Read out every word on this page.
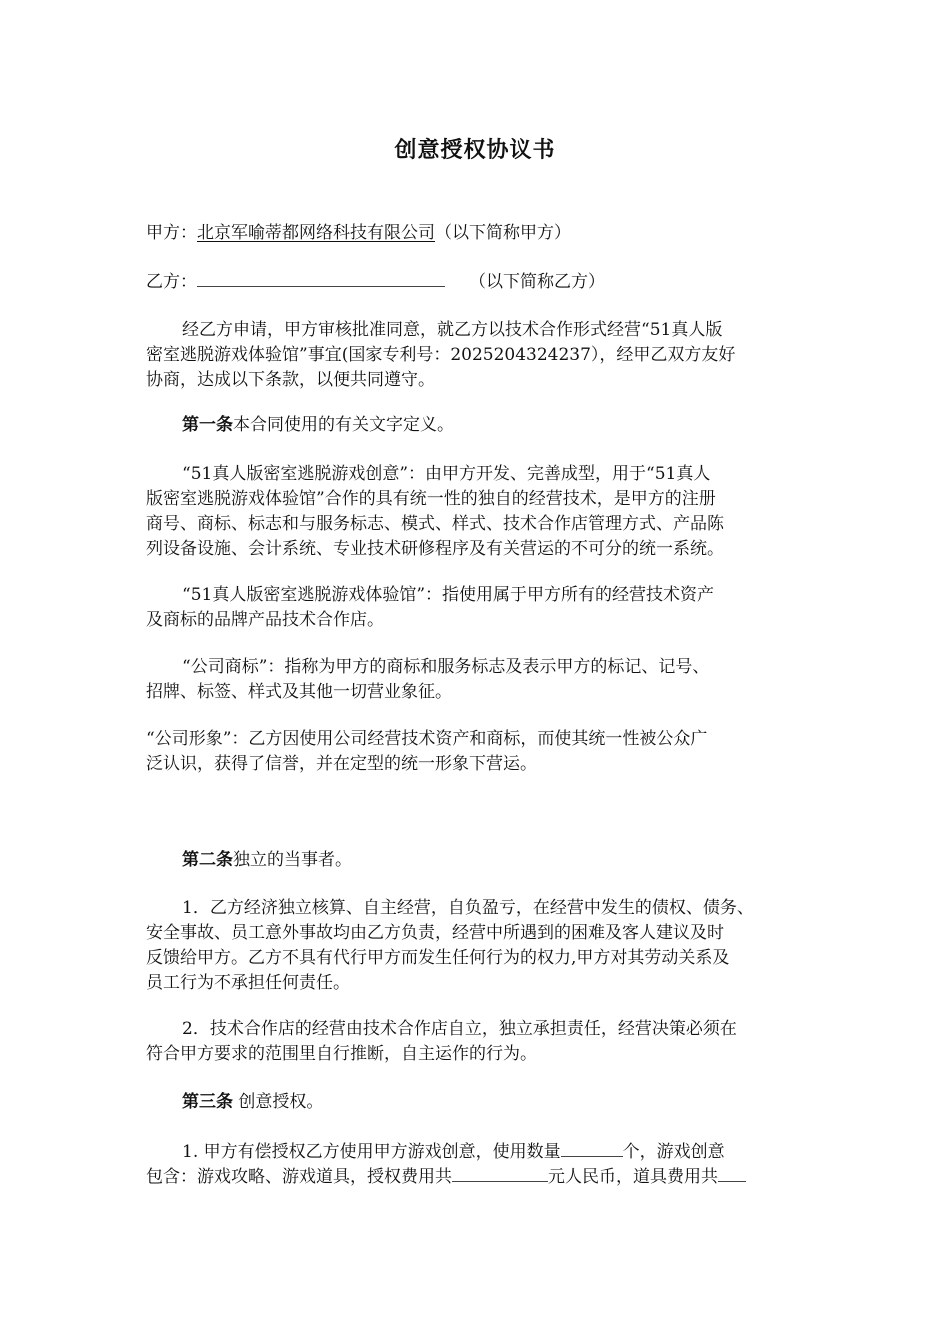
创意授权协议书
甲方：北京军喻蒂都网络科技有限公司（以下简称甲方）
乙方：	（以下简称乙方）
经乙方申请，甲方审核批准同意，就乙方以技术合作形式经营“51真人版
密室逃脱游戏体验馆”事宜(国家专利号：2025204324237），经甲乙双方友好
协商，达成以下条款，以便共同遵守。
第一条本合同使用的有关文字定义。
“51真人版密室逃脱游戏创意”：由甲方开发、完善成型，用于“51真人
版密室逃脱游戏体验馆”合作的具有统一性的独自的经营技术，是甲方的注册
商号、商标、标志和与服务标志、模式、样式、技术合作店管理方式、产品陈
列设备设施、会计系统、专业技术研修程序及有关营运的不可分的统一系统。
“51真人版密室逃脱游戏体验馆”：指使用属于甲方所有的经营技术资产
及商标的品牌产品技术合作店。
“公司商标”：指称为甲方的商标和服务标志及表示甲方的标记、记号、
招牌、标签、样式及其他一切营业象征。
“公司形象”：乙方因使用公司经营技术资产和商标，而使其统一性被公众广
泛认识，获得了信誉，并在定型的统一形象下营运。
第二条独立的当事者。
1．乙方经济独立核算、自主经营，自负盈亏，在经营中发生的债权、债务、
安全事故、员工意外事故均由乙方负责，经营中所遇到的困难及客人建议及时
反馈给甲方。乙方不具有代行甲方而发生任何行为的权力,甲方对其劳动关系及
员工行为不承担任何责任。
2．技术合作店的经营由技术合作店自立，独立承担责任，经营决策必须在
符合甲方要求的范围里自行推断，自主运作的行为。
第三条 创意授权。
1. 甲方有偿授权乙方使用甲方游戏创意，使用数量	个，游戏创意
包含：游戏攻略、游戏道具，授权费用共	元人民币，道具费用共
